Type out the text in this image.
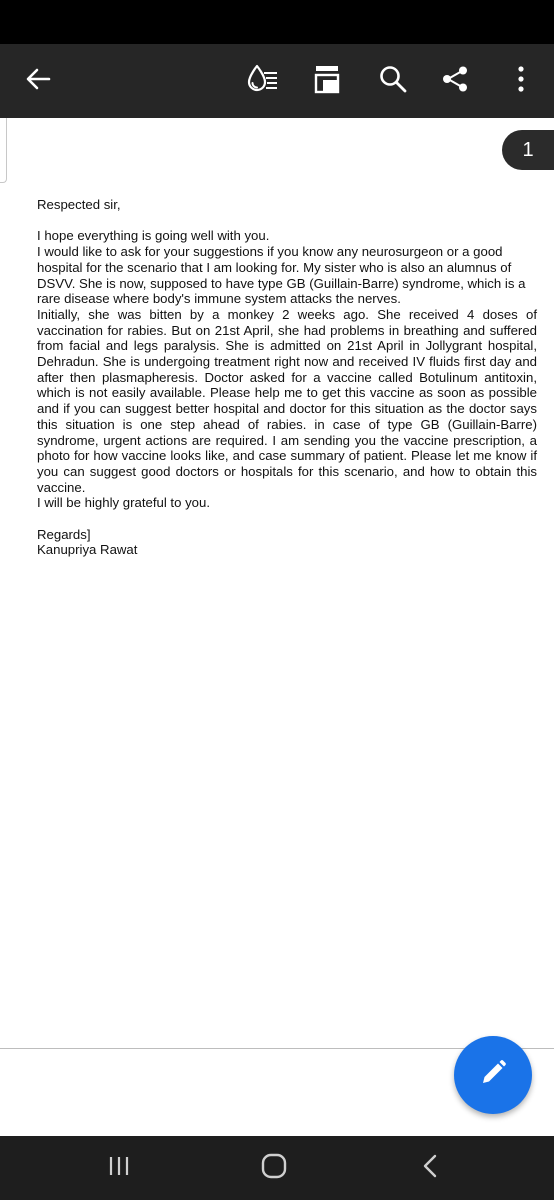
1

Respected sir,

I hope everything is going well with you.

I would like to ask for your suggestions if you know any neurosurgeon or a good hospital for the scenario that I am looking for. My sister who is also an alumnus of DSVV. She is now, supposed to have type GB (Guillain-Barre) syndrome, which is a rare disease where body's immune system attacks the nerves.

Initially, she was bitten by a monkey 2 weeks ago. She received 4 doses of vaccination for rabies. But on 21st April, she had problems in breathing and suffered from facial and legs paralysis. She is admitted on 21st April in Jollygrant hospital, Dehradun. She is undergoing treatment right now and received IV fluids first day and after then plasmapheresis. Doctor asked for a vaccine called Botulinum antitoxin, which is not easily available. Please help me to get this vaccine as soon as possible and if you can suggest better hospital and doctor for this situation as the doctor says this situation is one step ahead of rabies. in case of type GB (Guillain-Barre) syndrome, urgent actions are required. I am sending you the vaccine prescription, a photo for how vaccine looks like, and case summary of patient. Please let me know if you can suggest good doctors or hospitals for this scenario, and how to obtain this vaccine.

I will be highly grateful to you.

Regards]

Kanupriya Rawat
